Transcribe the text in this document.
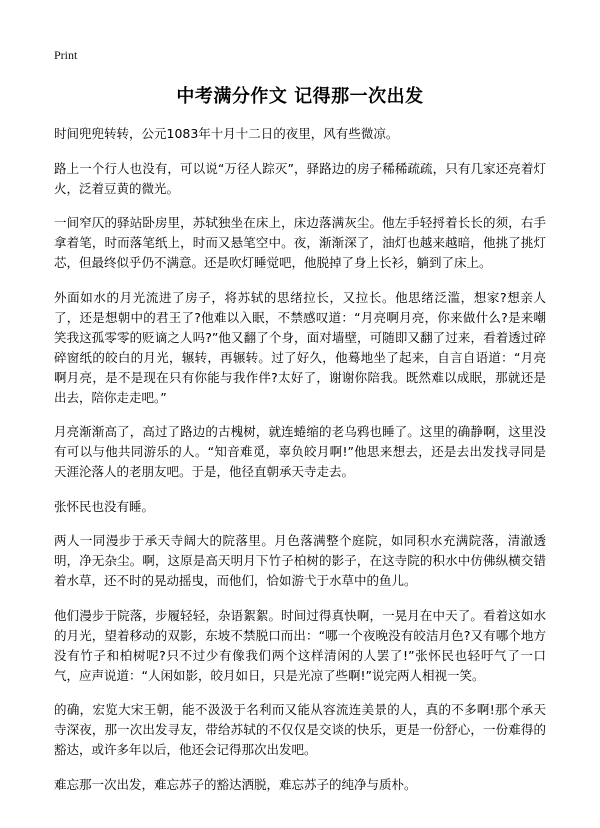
Print
中考满分作文 记得那一次出发

时间兜兜转转，公元1083年十月十二日的夜里，风有些微凉。

路上一个行人也没有，可以说“万径人踪灭”，驿路边的房子稀稀疏疏，只有几家还亮着灯火，泛着豆黄的微光。

一间窄仄的驿站卧房里，苏轼独坐在床上，床边落满灰尘。他左手轻捋着长长的须，右手拿着笔，时而落笔纸上，时而又悬笔空中。夜，渐渐深了，油灯也越来越暗，他挑了挑灯芯，但最终似乎仍不满意。还是吹灯睡觉吧，他脱掉了身上长衫，躺到了床上。

外面如水的月光流进了房子，将苏轼的思绪拉长，又拉长。他思绪泛滥，想家?想亲人了，还是想朝中的君王了?他难以入眠，不禁感叹道：“月亮啊月亮，你来做什么?是来嘲笑我这孤零零的贬谪之人吗?”他又翻了个身，面对墙壁，可随即又翻了过来，看着透过碎碎窗纸的皎白的月光，辗转，再辗转。过了好久，他蓦地坐了起来，自言自语道：“月亮啊月亮，是不是现在只有你能与我作伴?太好了，谢谢你陪我。既然难以成眠，那就还是出去，陪你走走吧。”

月亮渐渐高了，高过了路边的古槐树，就连蜷缩的老乌鸦也睡了。这里的确静啊，这里没有可以与他共同游乐的人。“知音难觅，辜负皎月啊!”他思来想去，还是去出发找寻同是天涯沦落人的老朋友吧。于是，他径直朝承天寺走去。

张怀民也没有睡。

两人一同漫步于承天寺阔大的院落里。月色落满整个庭院，如同积水充满院落，清澈透明，净无杂尘。啊，这原是高天明月下竹子柏树的影子，在这寺院的积水中仿佛纵横交错着水草，还不时的晃动摇曳，而他们，恰如游弋于水草中的鱼儿。

他们漫步于院落，步履轻轻，杂语絮絮。时间过得真快啊，一晃月在中天了。看着这如水的月光，望着移动的双影，东坡不禁脱口而出：“哪一个夜晚没有皎洁月色?又有哪个地方没有竹子和柏树呢?只不过少有像我们两个这样清闲的人罢了!”张怀民也轻吁气了一口气，应声说道：“人闲如影，皎月如日，只是光凉了些啊!”说完两人相视一笑。

的确，宏览大宋王朝，能不汲汲于名利而又能从容流连美景的人，真的不多啊!那个承天寺深夜，那一次出发寻友，带给苏轼的不仅仅是交谈的快乐，更是一份舒心，一份难得的豁达，或许多年以后，他还会记得那次出发吧。

难忘那一次出发，难忘苏子的豁达洒脱，难忘苏子的纯净与质朴。
